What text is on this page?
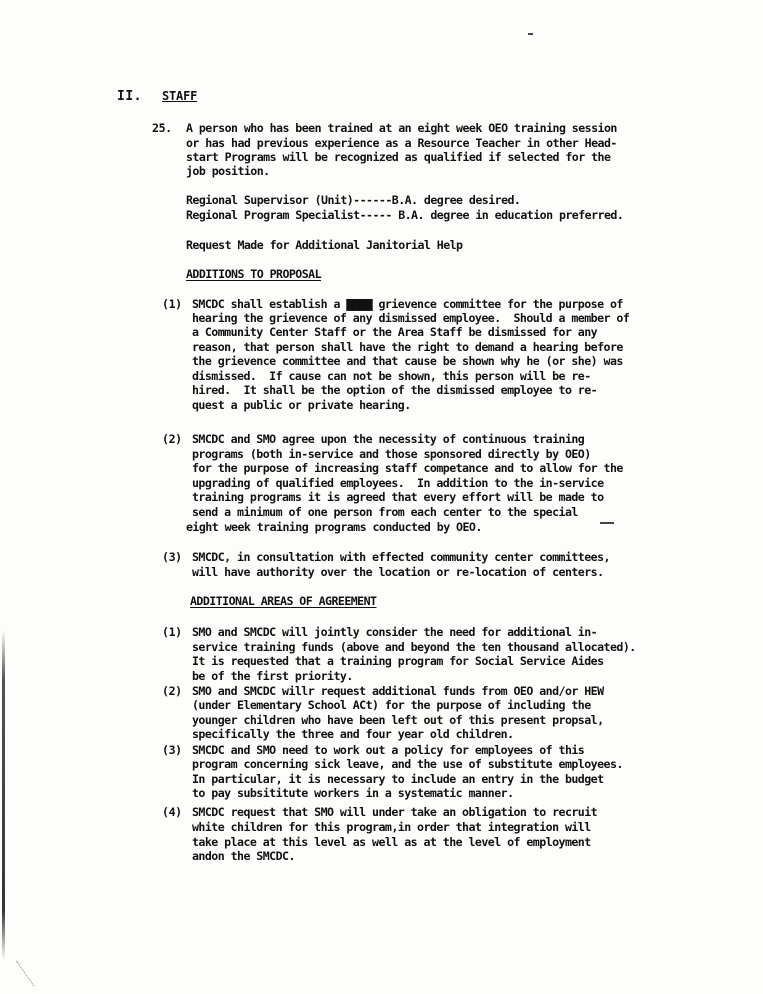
II. STAFF
25. A person who has been trained at an eight week OEO training session
or has had previous experience as a Resource Teacher in other Head-
start Programs will be recognized as qualified if selected for the
job position.
Regional Supervisor (Unit)------B.A. degree desired.
Regional Program Specialist----- B.A. degree in education preferred.
Request Made for Additional Janitorial Help
ADDITIONS TO PROPOSAL
(1) SMCDC shall establish a ▇▇▇▇ grievence committee for the purpose of
hearing the grievence of any dismissed employee.  Should a member of
a Community Center Staff or the Area Staff be dismissed for any
reason, that person shall have the right to demand a hearing before
the grievence committee and that cause be shown why he (or she) was
dismissed.  If cause can not be shown, this person will be re-
hired.  It shall be the option of the dismissed employee to re-
quest a public or private hearing.
(2) SMCDC and SMO agree upon the necessity of continuous training
programs (both in-service and those sponsored directly by OEO)
for the purpose of increasing staff competance and to allow for the
upgrading of qualified employees.  In addition to the in-service
training programs it is agreed that every effort will be made to
send a minimum of one person from each center to the special
eight week training programs conducted by OEO.
(3) SMCDC, in consultation with effected community center committees,
will have authority over the location or re-location of centers.
ADDITIONAL AREAS OF AGREEMENT
(1) SMO and SMCDC will jointly consider the need for additional in-
service training funds (above and beyond the ten thousand allocated).
It is requested that a training program for Social Service Aides
be of the first priority.
(2) SMO and SMCDC willr request additional funds from OEO and/or HEW
(under Elementary School ACt) for the purpose of including the
younger children who have been left out of this present propsal,
specifically the three and four year old children.
(3) SMCDC and SMO need to work out a policy for employees of this
program concerning sick leave, and the use of substitute employees.
In particular, it is necessary to include an entry in the budget
to pay subsititute workers in a systematic manner.
(4) SMCDC request that SMO will under take an obligation to recruit
white children for this program,in order that integration will
take place at this level as well as at the level of employment
andon the SMCDC.
